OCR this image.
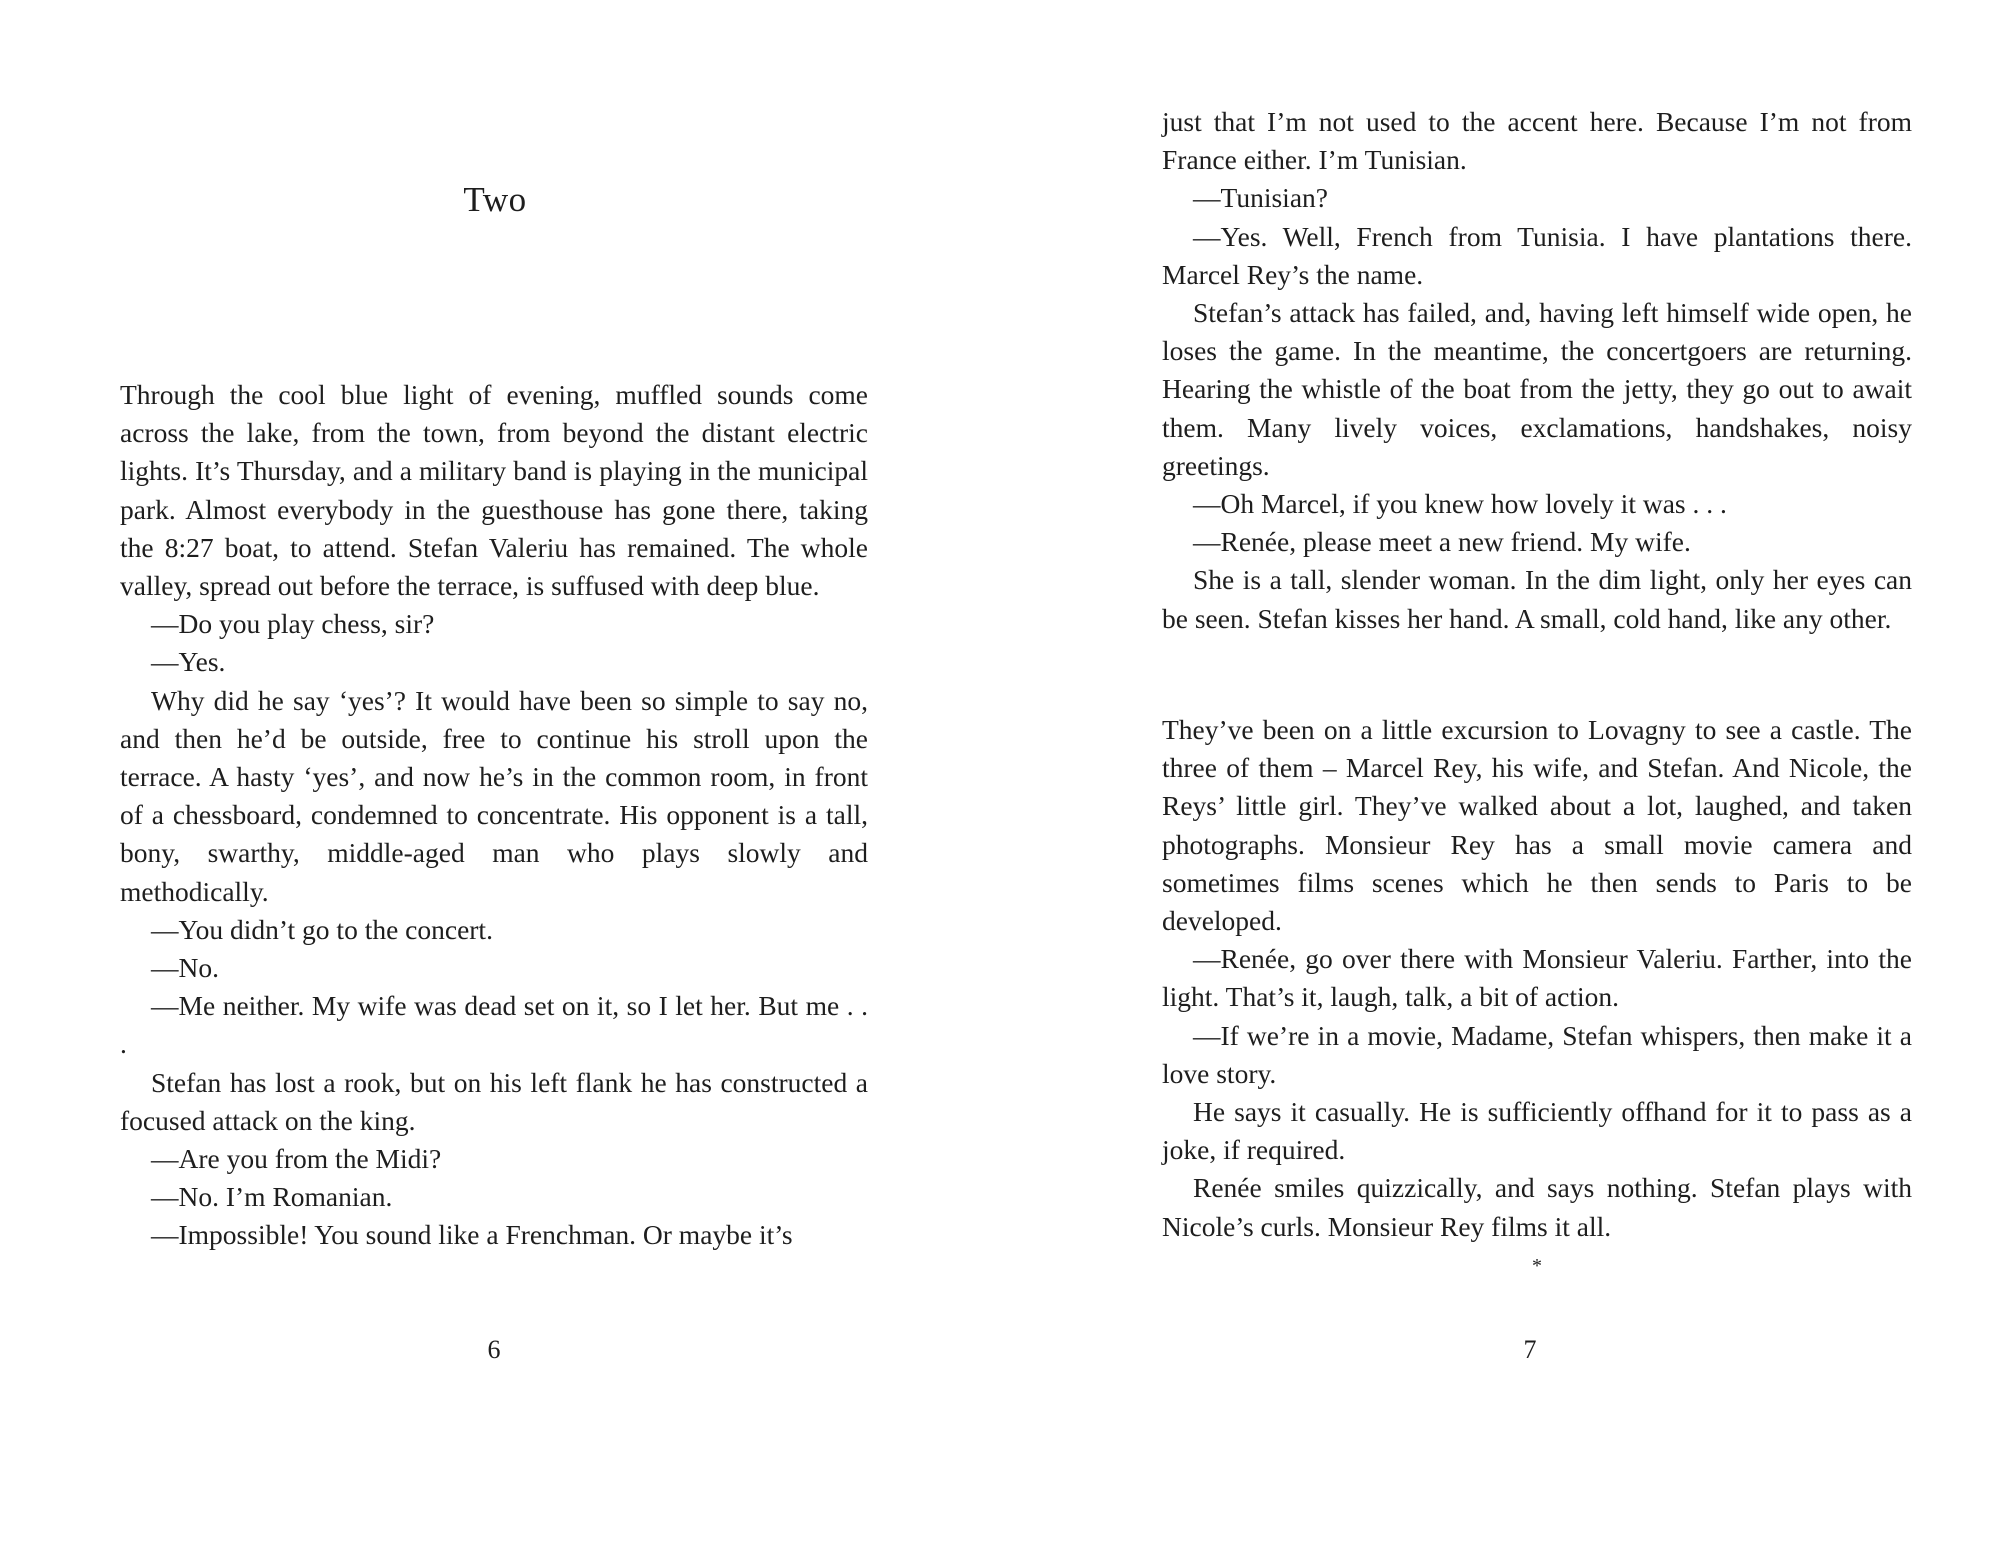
Two

Through the cool blue light of evening, muffled sounds come across the lake, from the town, from beyond the distant electric lights. It’s Thursday, and a military band is playing in the municipal park. Almost everybody in the guesthouse has gone there, taking the 8:27 boat, to attend. Stefan Valeriu has remained. The whole valley, spread out before the terrace, is suffused with deep blue.

—Do you play chess, sir?

—Yes.

Why did he say ‘yes’? It would have been so simple to say no, and then he’d be outside, free to continue his stroll upon the terrace. A hasty ‘yes’, and now he’s in the common room, in front of a chessboard, condemned to concentrate. His opponent is a tall, bony, swarthy, middle-aged man who plays slowly and methodically.

—You didn’t go to the concert.

—No.

—Me neither. My wife was dead set on it, so I let her. But me . . .

Stefan has lost a rook, but on his left flank he has constructed a focused attack on the king.

—Are you from the Midi?

—No. I’m Romanian.

—Impossible! You sound like a Frenchman. Or maybe it’s

6

just that I’m not used to the accent here. Because I’m not from France either. I’m Tunisian.

—Tunisian?

—Yes. Well, French from Tunisia. I have plantations there. Marcel Rey’s the name.

Stefan’s attack has failed, and, having left himself wide open, he loses the game. In the meantime, the concertgoers are returning. Hearing the whistle of the boat from the jetty, they go out to await them. Many lively voices, exclamations, handshakes, noisy greetings.

—Oh Marcel, if you knew how lovely it was . . .

—Renée, please meet a new friend. My wife.

She is a tall, slender woman. In the dim light, only her eyes can be seen. Stefan kisses her hand. A small, cold hand, like any other.

They’ve been on a little excursion to Lovagny to see a castle. The three of them – Marcel Rey, his wife, and Stefan. And Nicole, the Reys’ little girl. They’ve walked about a lot, laughed, and taken photographs. Monsieur Rey has a small movie camera and sometimes films scenes which he then sends to Paris to be developed.

—Renée, go over there with Monsieur Valeriu. Farther, into the light. That’s it, laugh, talk, a bit of action.

—If we’re in a movie, Madame, Stefan whispers, then make it a love story.

He says it casually. He is sufficiently offhand for it to pass as a joke, if required.

Renée smiles quizzically, and says nothing. Stefan plays with Nicole’s curls. Monsieur Rey films it all.

*
7
